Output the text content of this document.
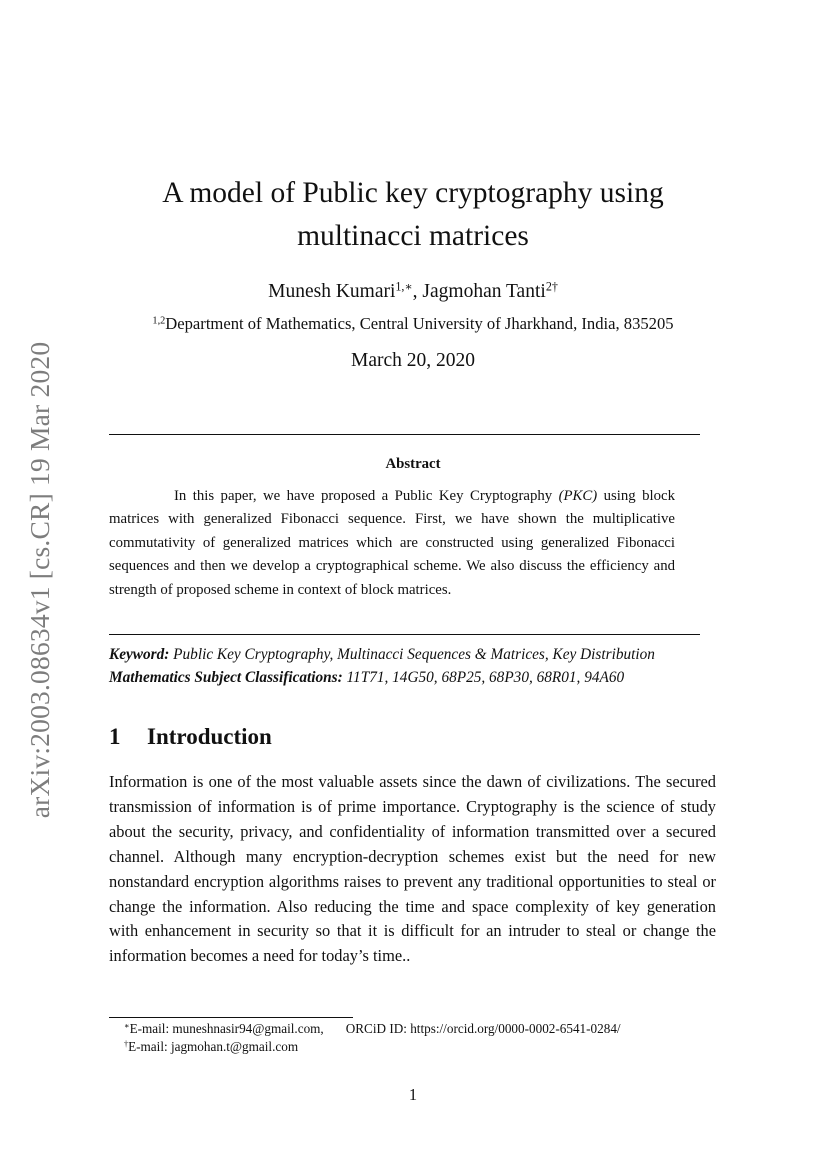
arXiv:2003.08634v1 [cs.CR] 19 Mar 2020
A model of Public key cryptography using
multinacci matrices
Munesh Kumari$^{1,∗}$, Jagmohan Tanti$^{2\dagger}$
$^{1,2}$Department of Mathematics, Central University of Jharkhand, India, 835205
March 20, 2020
Abstract

In this paper, we have proposed a Public Key Cryptography (PKC) using block matrices with generalized Fibonacci sequence. First, we have shown the multiplicative commutativity of generalized matrices which are constructed using generalized Fibonacci sequences and then we develop a cryptographical scheme. We also discuss the efficiency and strength of proposed scheme in context of block matrices.

Keyword: Public Key Cryptography, Multinacci Sequences & Matrices, Key Distribution
Mathematics Subject Classifications: 11T71, 14G50, 68P25, 68P30, 68R01, 94A60
1 Introduction

Information is one of the most valuable assets since the dawn of civilizations. The secured transmission of information is of prime importance. Cryptography is the science of study about the security, privacy, and confidentiality of information transmitted over a secured channel. Although many encryption-decryption schemes exist but the need for new nonstandard encryption algorithms raises to prevent any traditional opportunities to steal or change the information. Also reducing the time and space complexity of key generation with enhancement in security so that it is difficult for an intruder to steal or change the information becomes a need for today’s time..

∗E-mail: muneshnasir94@gmail.com, ORCiD ID: https://orcid.org/0000-0002-6541-0284/
†E-mail: jagmohan.t@gmail.com
1
